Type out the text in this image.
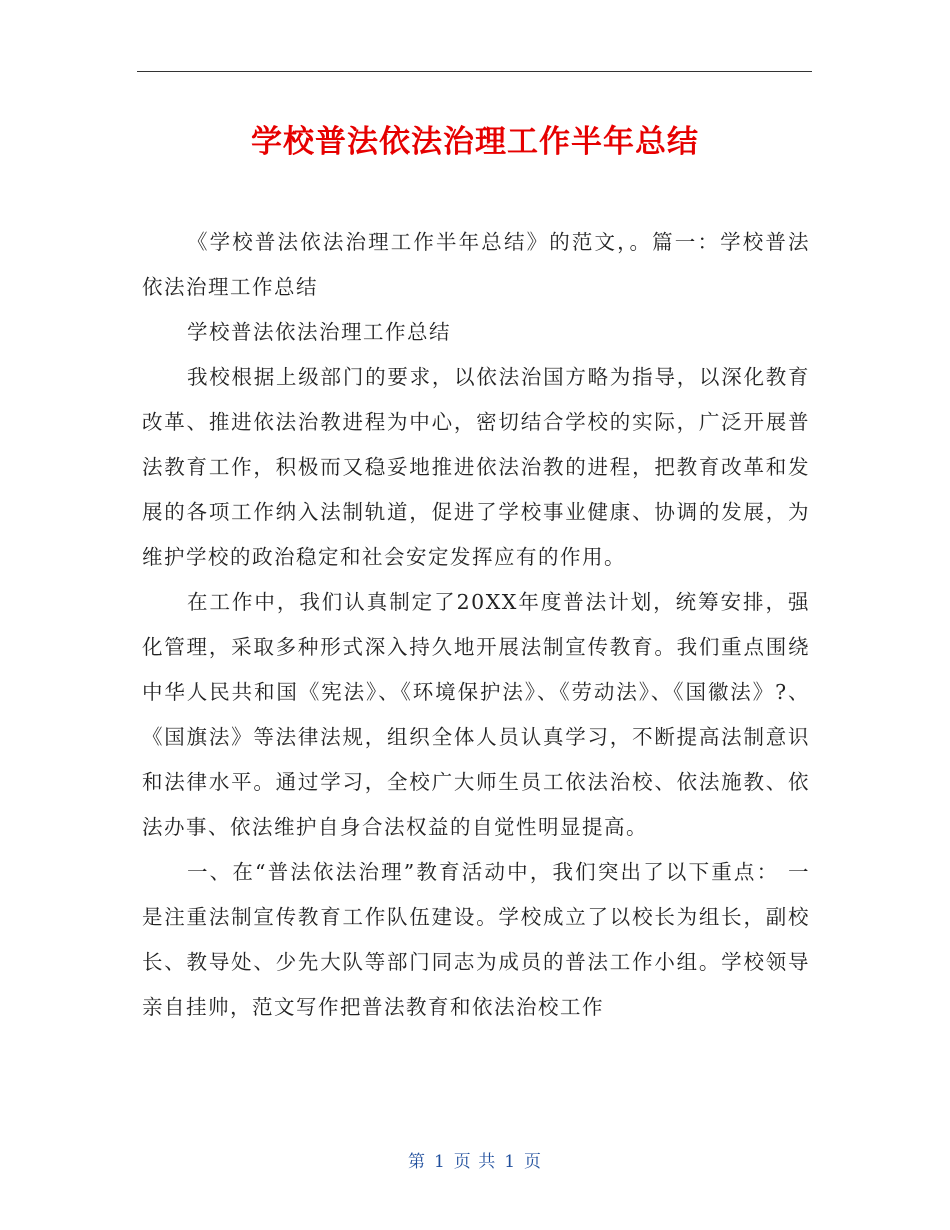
学校普法依法治理工作半年总结

《学校普法依法治理工作半年总结》的范文，。篇一：学校普法依法治理工作总结

学校普法依法治理工作总结

我校根据上级部门的要求，以依法治国方略为指导，以深化教育改革、推进依法治教进程为中心，密切结合学校的实际，广泛开展普法教育工作，积极而又稳妥地推进依法治教的进程，把教育改革和发展的各项工作纳入法制轨道，促进了学校事业健康、协调的发展，为维护学校的政治稳定和社会安定发挥应有的作用。

在工作中，我们认真制定了20XX年度普法计划，统筹安排，强化管理，采取多种形式深入持久地开展法制宣传教育。我们重点围绕中华人民共和国《宪法》、《环境保护法》、《劳动法》、《国徽法》?、《国旗法》等法律法规，组织全体人员认真学习，不断提高法制意识和法律水平。通过学习，全校广大师生员工依法治校、依法施教、依法办事、依法维护自身合法权益的自觉性明显提高。

一、在“普法依法治理”教育活动中，我们突出了以下重点： 一是注重法制宣传教育工作队伍建设。学校成立了以校长为组长，副校长、教导处、少先大队等部门同志为成员的普法工作小组。学校领导亲自挂帅，范文写作把普法教育和依法治校工作

第 1 页 共 1 页
